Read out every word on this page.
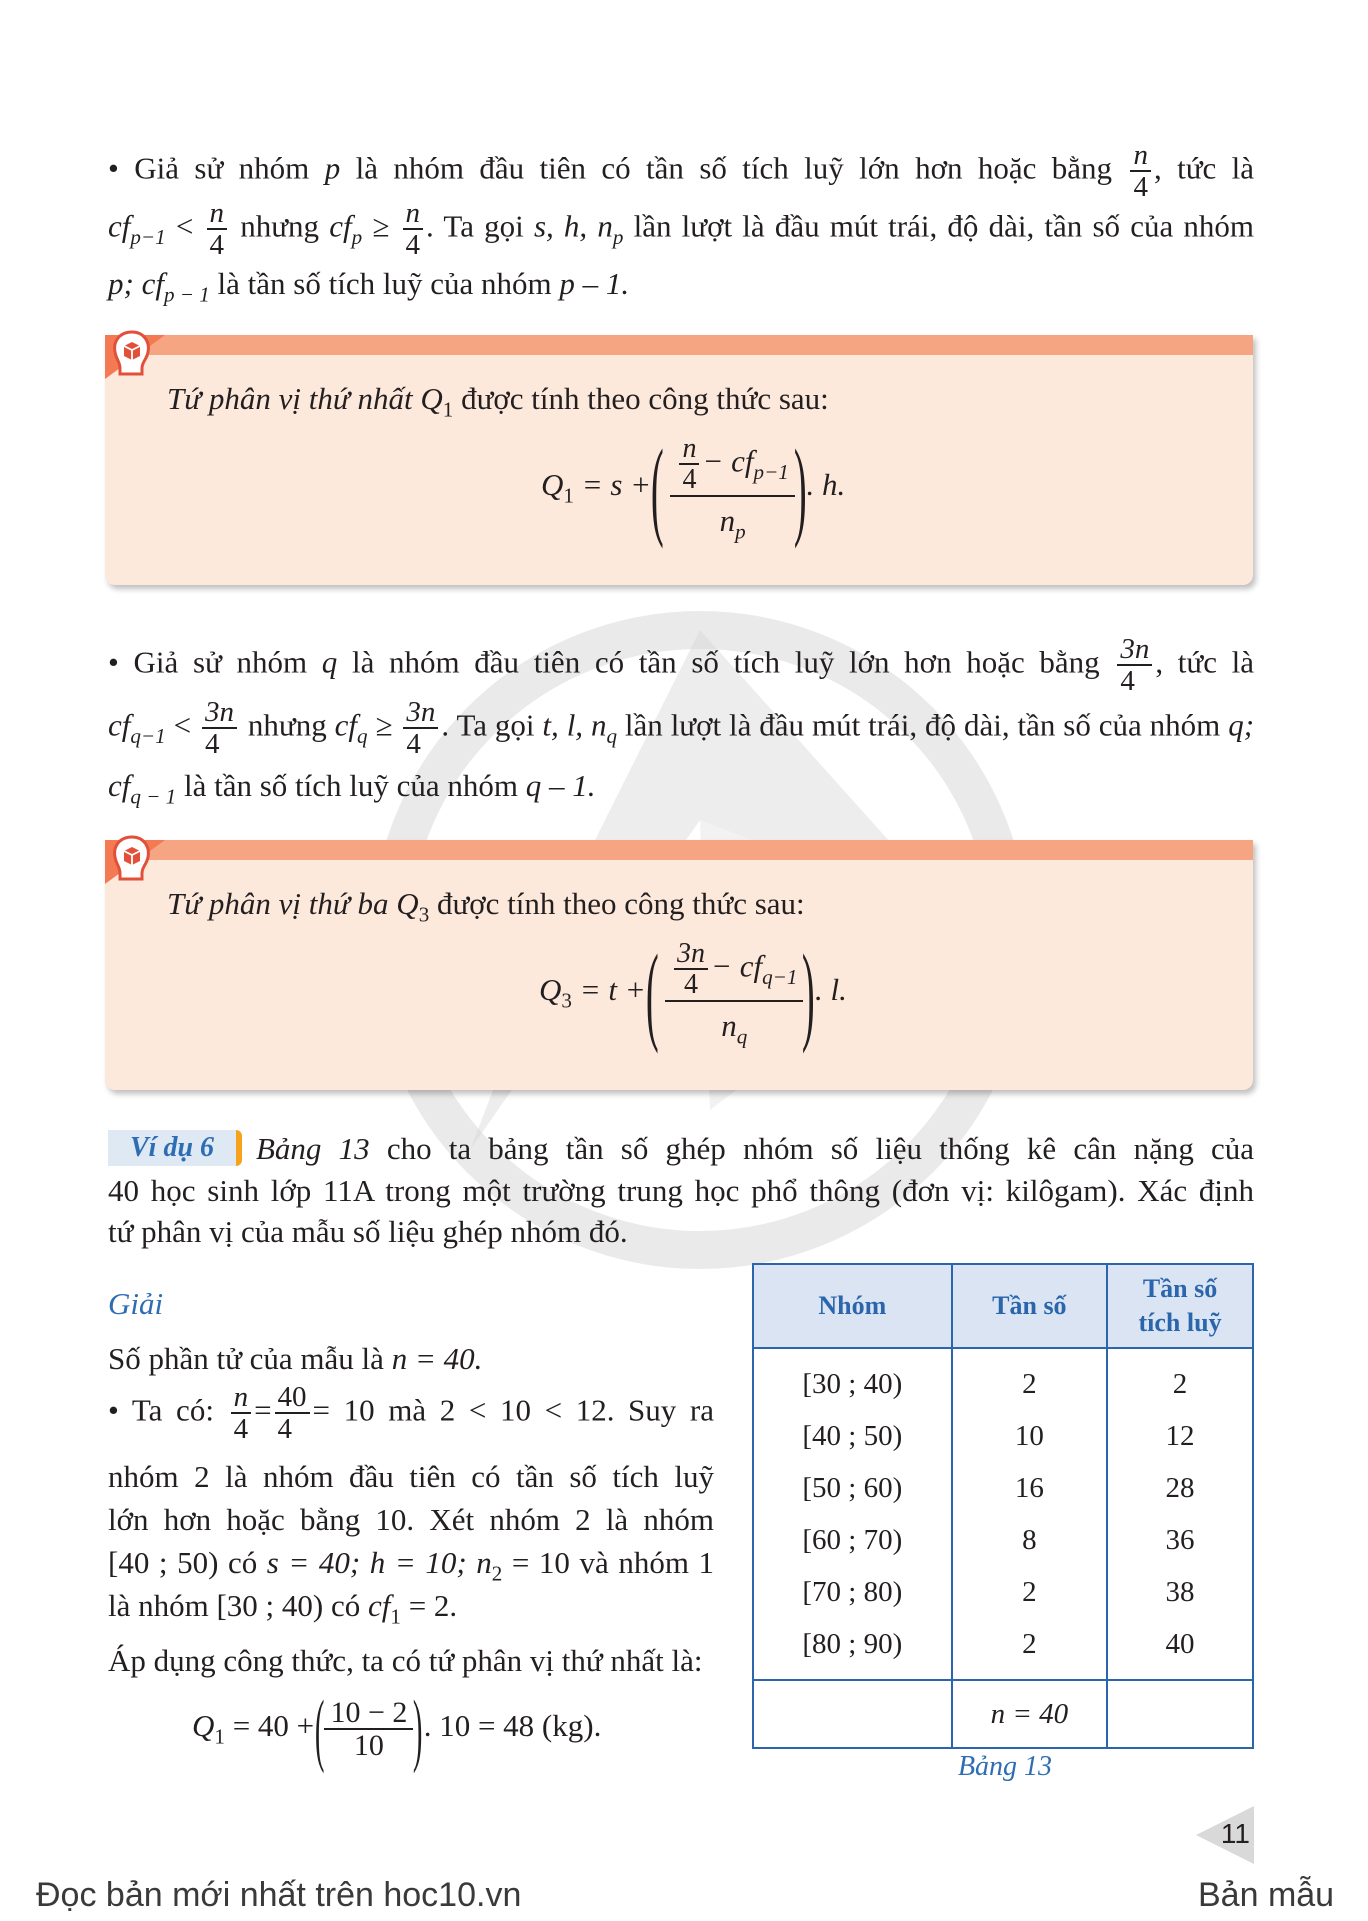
• Giả sử nhóm p là nhóm đầu tiên có tần số tích luỹ lớn hơn hoặc bằng $\frac{n}{4}$ , tức là
$cf_{p-1} < \frac{n}{4}$ nhưng $cf_p \ge \frac{n}{4}$ . Ta gọi s, h, $n_p$ lần lượt là đầu mút trái, độ dài, tần số của nhóm
p; $cf_{p - 1}$ là tần số tích luỹ của nhóm p – 1.
Tứ phân vị thứ nhất $Q_1$ được tính theo công thức sau:
$Q_1 = s$ +( $\frac{\frac{n}{4} - cf_{p-1}}{n_p}$
). h.
• Giả sử nhóm q là nhóm đầu tiên có tần số tích luỹ lớn hơn hoặc bằng $\frac{3n}{4}$ , tức là
$cf_{q-1} < \frac{3n}{4}$ nhưng $cf_q \ge \frac{3n}{4}$ . Ta gọi t, l, $n_q$ lần lượt là đầu mút trái, độ dài, tần số của nhóm q;
$cf_{q - 1}$ là tần số tích luỹ của nhóm q – 1.
Tứ phân vị thứ ba $Q_3$ được tính theo công thức sau:
$Q_3 = t$ +( $\frac{\frac{3n}{4} - cf_{q-1}}{n_q}$
). l.
Ví dụ 6	Bảng 13 cho ta bảng tần số ghép nhóm số liệu thống kê cân nặng của
40 học sinh lớp 11A trong một trường trung học phổ thông (đơn vị: kilôgam). Xác định
tứ phân vị của mẫu số liệu ghép nhóm đó.
Giải
Số phần tử của mẫu là n = 40.
• Ta có: $\frac{n}{4} = \frac{40}{4} = 10$ mà 2 < 10 < 12. Suy ra
nhóm 2 là nhóm đầu tiên có tần số tích luỹ
lớn hơn hoặc bằng 10. Xét nhóm 2 là nhóm
[40 ; 50) có s = 40; h = 10; $n_2 = 10$ và nhóm 1
là nhóm [30 ; 40) có $cf_1 = 2$.
Áp dụng công thức, ta có tứ phân vị thứ nhất là:
$Q_1 = 40$ +( $\frac{10 - 2}{10}$ ). 10 = 48 (kg).
Nhóm	Tần số	Tần số
tích luỹ
[30 ; 40)	2	2
[40 ; 50)	10	12
[50 ; 60)	16	28
[60 ; 70)	8	36
[70 ; 80)	2	38
[80 ; 90)	2	40
	n = 40	
Bảng 13
11
Đọc bản mới nhất trên hoc10.vn	Bản mẫu
